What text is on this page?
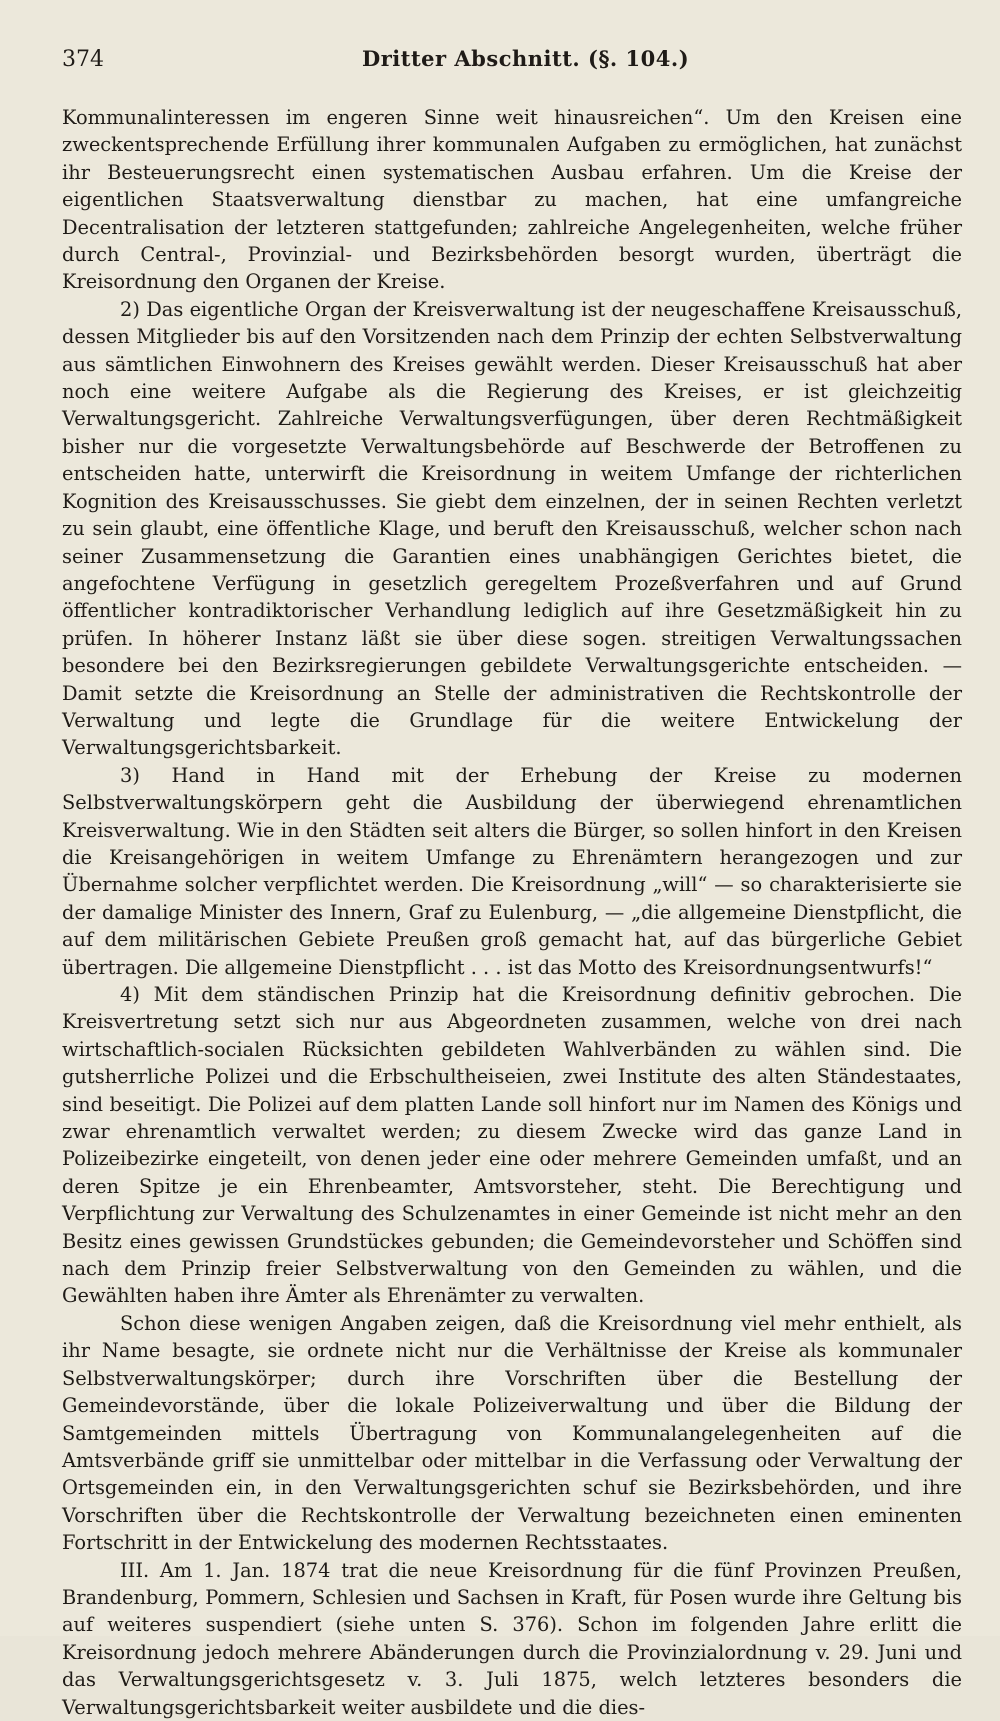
374	Dritter Abschnitt. (§. 104.)

Kommunalinteressen im engeren Sinne weit hinausreichen“. Um den Kreisen eine zweckentsprechende Erfüllung ihrer kommunalen Aufgaben zu ermöglichen, hat zunächst ihr Besteuerungsrecht einen systematischen Ausbau erfahren. Um die Kreise der eigentlichen Staatsverwaltung dienstbar zu machen, hat eine umfangreiche Decentralisation der letzteren stattgefunden; zahlreiche Angelegenheiten, welche früher durch Central-, Provinzial- und Bezirksbehörden besorgt wurden, überträgt die Kreisordnung den Organen der Kreise.

2) Das eigentliche Organ der Kreisverwaltung ist der neugeschaffene Kreisausschuß, dessen Mitglieder bis auf den Vorsitzenden nach dem Prinzip der echten Selbstverwaltung aus sämtlichen Einwohnern des Kreises gewählt werden. Dieser Kreisausschuß hat aber noch eine weitere Aufgabe als die Regierung des Kreises, er ist gleichzeitig Verwaltungsgericht. Zahlreiche Verwaltungsverfügungen, über deren Rechtmäßigkeit bisher nur die vorgesetzte Verwaltungsbehörde auf Beschwerde der Betroffenen zu entscheiden hatte, unterwirft die Kreisordnung in weitem Umfange der richterlichen Kognition des Kreisausschusses. Sie giebt dem einzelnen, der in seinen Rechten verletzt zu sein glaubt, eine öffentliche Klage, und beruft den Kreisausschuß, welcher schon nach seiner Zusammensetzung die Garantien eines unabhängigen Gerichtes bietet, die angefochtene Verfügung in gesetzlich geregeltem Prozeßverfahren und auf Grund öffentlicher kontradiktorischer Verhandlung lediglich auf ihre Gesetzmäßigkeit hin zu prüfen. In höherer Instanz läßt sie über diese sogen. streitigen Verwaltungssachen besondere bei den Bezirksregierungen gebildete Verwaltungsgerichte entscheiden. — Damit setzte die Kreisordnung an Stelle der administrativen die Rechtskontrolle der Verwaltung und legte die Grundlage für die weitere Entwickelung der Verwaltungsgerichtsbarkeit.

3) Hand in Hand mit der Erhebung der Kreise zu modernen Selbstverwaltungskörpern geht die Ausbildung der überwiegend ehrenamtlichen Kreisverwaltung. Wie in den Städten seit alters die Bürger, so sollen hinfort in den Kreisen die Kreisangehörigen in weitem Umfange zu Ehrenämtern herangezogen und zur Übernahme solcher verpflichtet werden. Die Kreisordnung „will“ — so charakterisierte sie der damalige Minister des Innern, Graf zu Eulenburg, — „die allgemeine Dienstpflicht, die auf dem militärischen Gebiete Preußen groß gemacht hat, auf das bürgerliche Gebiet übertragen. Die allgemeine Dienstpflicht . . . ist das Motto des Kreisordnungsentwurfs!“

4) Mit dem ständischen Prinzip hat die Kreisordnung definitiv gebrochen. Die Kreisvertretung setzt sich nur aus Abgeordneten zusammen, welche von drei nach wirtschaftlich-socialen Rücksichten gebildeten Wahlverbänden zu wählen sind. Die gutsherrliche Polizei und die Erbschultheiseien, zwei Institute des alten Ständestaates, sind beseitigt. Die Polizei auf dem platten Lande soll hinfort nur im Namen des Königs und zwar ehrenamtlich verwaltet werden; zu diesem Zwecke wird das ganze Land in Polizeibezirke eingeteilt, von denen jeder eine oder mehrere Gemeinden umfaßt, und an deren Spitze je ein Ehrenbeamter, Amtsvorsteher, steht. Die Berechtigung und Verpflichtung zur Verwaltung des Schulzenamtes in einer Gemeinde ist nicht mehr an den Besitz eines gewissen Grundstückes gebunden; die Gemeindevorsteher und Schöffen sind nach dem Prinzip freier Selbstverwaltung von den Gemeinden zu wählen, und die Gewählten haben ihre Ämter als Ehrenämter zu verwalten.

Schon diese wenigen Angaben zeigen, daß die Kreisordnung viel mehr enthielt, als ihr Name besagte, sie ordnete nicht nur die Verhältnisse der Kreise als kommunaler Selbstverwaltungskörper; durch ihre Vorschriften über die Bestellung der Gemeindevorstände, über die lokale Polizeiverwaltung und über die Bildung der Samtgemeinden mittels Übertragung von Kommunalangelegenheiten auf die Amtsverbände griff sie unmittelbar oder mittelbar in die Verfassung oder Verwaltung der Ortsgemeinden ein, in den Verwaltungsgerichten schuf sie Bezirksbehörden, und ihre Vorschriften über die Rechtskontrolle der Verwaltung bezeichneten einen eminenten Fortschritt in der Entwickelung des modernen Rechtsstaates.

III. Am 1. Jan. 1874 trat die neue Kreisordnung für die fünf Provinzen Preußen, Brandenburg, Pommern, Schlesien und Sachsen in Kraft, für Posen wurde ihre Geltung bis auf weiteres suspendiert (siehe unten S. 376). Schon im folgenden Jahre erlitt die Kreisordnung jedoch mehrere Abänderungen durch die Provinzialordnung v. 29. Juni und das Verwaltungsgerichtsgesetz v. 3. Juli 1875, welch letzteres besonders die Verwaltungsgerichtsbarkeit weiter ausbildete und die dies-
